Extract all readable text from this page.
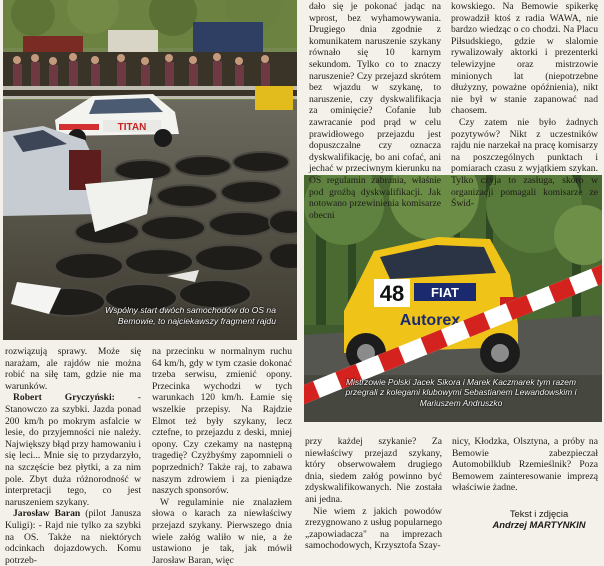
TITAN
Wspólny start dwóch samochodów do OS na Bemowie, to najciekawszy fragment rajdu
FIAT
48
Autorex
Mistrzowie Polski Jacek Sikora i Marek Kaczmarek tym razem przegrali z kolegami klubowymi Sebastianem Lewandowskim i Mariuszem Andruszko

dało się je pokonać jadąc na wprost, bez wyhamowywania. Drugiego dnia zgodnie z komunikatem naruszenie szykany równało się 10 karnym sekundom. Tylko co to znaczy naruszenie? Czy przejazd skrótem bez wjazdu w szykanę, to naruszenie, czy dyskwalifikacja za ominięcie? Cofanie lub zawracanie pod prąd w celu prawidłowego przejazdu jest dopuszczalne czy oznacza dyskwalifikację, bo ani cofać, ani jechać w przeciwnym kierunku na OS regulamin zabrania, właśnie pod groźbą dyskwalifikacji. Jak notowano przewinienia komisarze obecni

kowskiego. Na Bemowie spikerkę prowadził ktoś z radia WAWA, nie bardzo wiedząc o co chodzi. Na Placu Piłsudskiego, gdzie w slalomie rywalizowały aktorki i prezenterki telewizyjne oraz mistrzowie minionych lat (niepotrzebne dłużyzny, poważne opóźnienia), nikt nie był w stanie zapanować nad chaosem.

Czy zatem nie było żadnych pozytywów? Nikt z uczestników rajdu nie narzekał na pracę komisarzy na poszczególnych punktach i pomiarach czasu z wyjątkiem szykan. Tylko czyja to zasługa, skoro w organizacji pomagali komisarze ze Świd-

rozwiązują sprawy. Może się narażam, ale rajdów nie można robić na siłę tam, gdzie nie ma warunków.

Robert Gryczyński: - Stanowczo za szybki. Jazda ponad 200 km/h po mokrym asfalcie w lesie, do przyjemności nie należy. Największy błąd przy hamowaniu i się leci... Mnie się to przydarzyło, na szczęście bez płytki, a za nim pole. Zbyt duża różnorodność w interpretacji tego, co jest naruszeniem szykany.

Jarosław Baran (pilot Janusza Kuligi): - Rajd nie tylko za szybki na OS. Także na niektórych odcinkach dojazdowych. Komu potrzeb-

na przecinku w normalnym ruchu 64 km/h, gdy w tym czasie dokonać trzeba serwisu, zmienić opony. Przecinka wychodzi w tych warunkach 120 km/h. Łamie się wszelkie przepisy. Na Rajdzie Elmot też były szykany, lecz cztefne, to przejazdu z deski, mniej opony. Czy czekamy na następną tragedię? Czyżbyśmy zapomnieli o poprzednich? Także raj, to zabawa naszym zdrowiem i za pieniądze naszych sponsorów.

W regulaminie nie znalazłem słowa o karach za niewłaściwy przejazd szykany. Pierwszego dnia wiele załóg waliło w nie, a że ustawiono je tak, jak mówił Jarosław Baran, więc

przy każdej szykanie? Za niewłaściwy przejazd szykany, który obserwowałem drugiego dnia, siedem załóg powinno być zdyskwalifikowanych. Nie została ani jedna.

Nie wiem z jakich powodów zrezygnowano z usług popularnego „zapowiadacza" na imprezach samochodowych, Krzysztofa Szay-

nicy, Kłodzka, Olsztyna, a próby na Bemowie zabezpieczał Automobilklub Rzemieślnik? Poza Bemowem zainteresowanie imprezą właściwie żadne.

Tekst i zdjęcia
Andrzej MARTYNKIN
